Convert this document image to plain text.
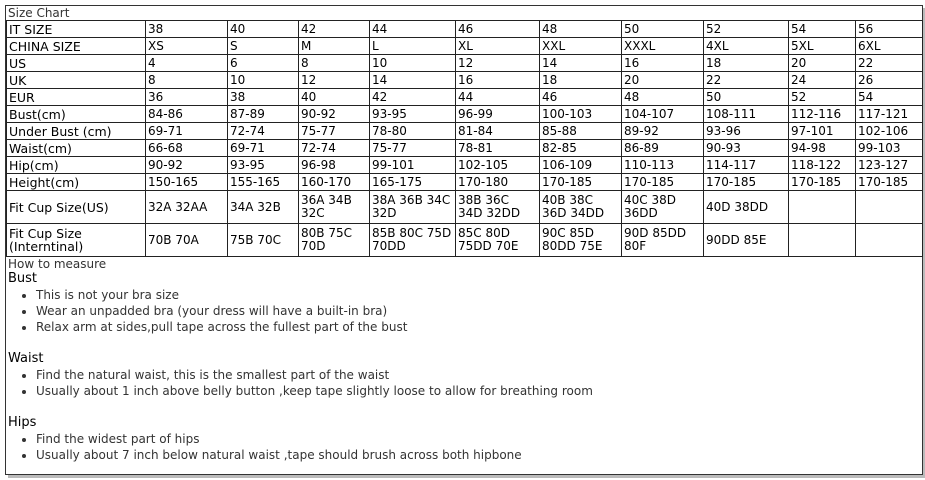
Size Chart
IT SIZE	38	40	42	44	46	48	50	52	54	56
CHINA SIZE	XS	S	M	L	XL	XXL	XXXL	4XL	5XL	6XL
US	4	6	8	10	12	14	16	18	20	22
UK	8	10	12	14	16	18	20	22	24	26
EUR	36	38	40	42	44	46	48	50	52	54
Bust(cm)	84-86	87-89	90-92	93-95	96-99	100-103	104-107	108-111	112-116	117-121
Under Bust (cm)	69-71	72-74	75-77	78-80	81-84	85-88	89-92	93-96	97-101	102-106
Waist(cm)	66-68	69-71	72-74	75-77	78-81	82-85	86-89	90-93	94-98	99-103
Hip(cm)	90-92	93-95	96-98	99-101	102-105	106-109	110-113	114-117	118-122	123-127
Height(cm)	150-165	155-165	160-170	165-175	170-180	170-185	170-185	170-185	170-185	170-185
Fit Cup Size(US)	32A 32AA	34A 32B	36A 34B 32C	38A 36B 34C 32D	38B 36C 34D 32DD	40B 38C 36D 34DD	40C 38D 36DD	40D 38DD		
Fit Cup Size (Interntinal)	70B 70A	75B 70C	80B 75C 70D	85B 80C 75D 70DD	85C 80D 75DD 70E	90C 85D 80DD 75E	90D 85DD 80F	90DD 85E		
How to measure
Bust
• This is not your bra size
• Wear an unpadded bra (your dress will have a built-in bra)
• Relax arm at sides,pull tape across the fullest part of the bust
Waist
• Find the natural waist, this is the smallest part of the waist
• Usually about 1 inch above belly button ,keep tape slightly loose to allow for breathing room
Hips
• Find the widest part of hips
• Usually about 7 inch below natural waist ,tape should brush across both hipbone
